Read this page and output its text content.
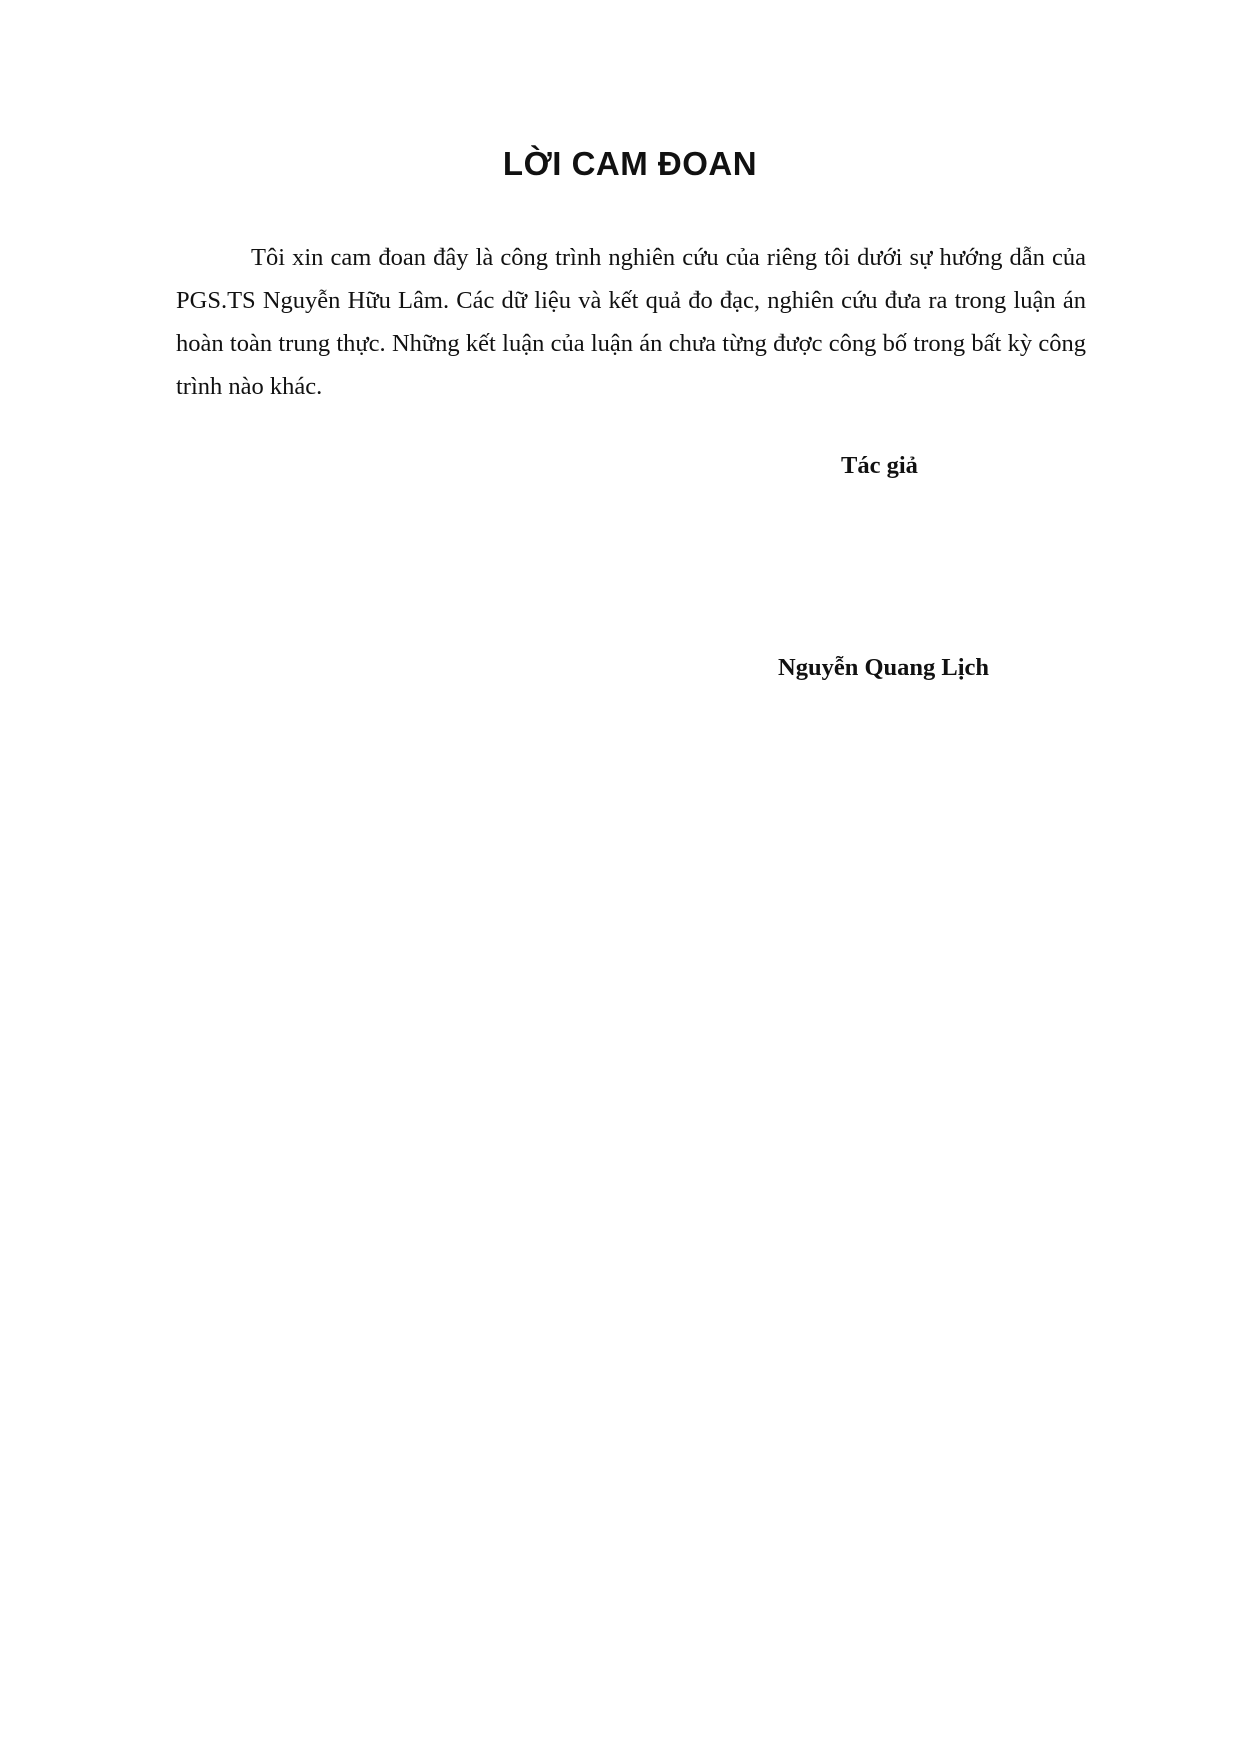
LỜI CAM ĐOAN

Tôi xin cam đoan đây là công trình nghiên cứu của riêng tôi dưới sự hướng dẫn của PGS.TS Nguyễn Hữu Lâm. Các dữ liệu và kết quả đo đạc, nghiên cứu đưa ra trong luận án hoàn toàn trung thực. Những kết luận của luận án chưa từng được công bố trong bất kỳ công trình nào khác.

Tác giả

Nguyễn Quang Lịch
